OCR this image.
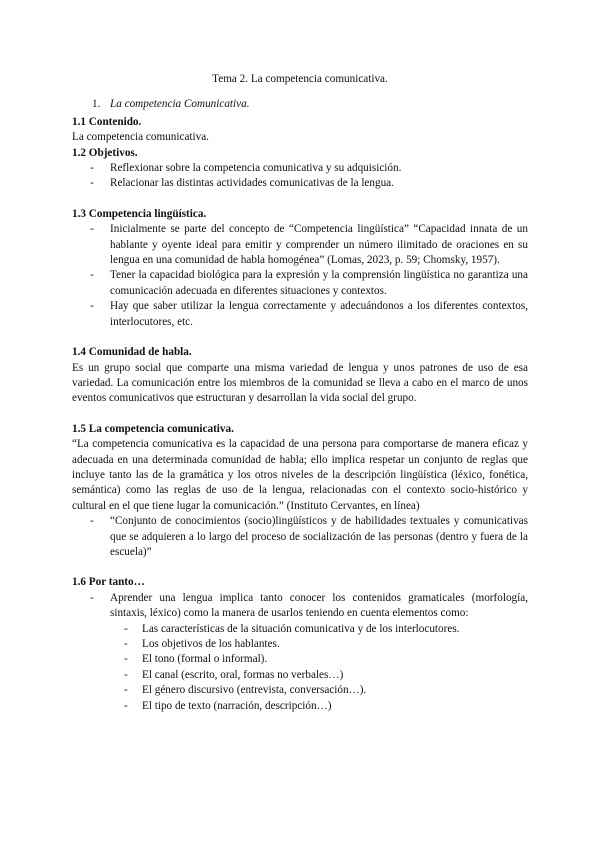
Tema 2. La competencia comunicativa.

1. La competencia Comunicativa.

1.1 Contenido.

La competencia comunicativa.

1.2 Objetivos.

- Reflexionar sobre la competencia comunicativa y su adquisición.
- Relacionar las distintas actividades comunicativas de la lengua.

1.3 Competencia lingüística.

- Inicialmente se parte del concepto de “Competencia lingüística” “Capacidad innata de un hablante y oyente ideal para emitir y comprender un número ilimitado de oraciones en su lengua en una comunidad de habla homogénea” (Lomas, 2023, p. 59; Chomsky, 1957).
- Tener la capacidad biológica para la expresión y la comprensión lingüística no garantiza una comunicación adecuada en diferentes situaciones y contextos.
- Hay que saber utilizar la lengua correctamente y adecuándonos a los diferentes contextos, interlocutores, etc.

1.4 Comunidad de habla.

Es un grupo social que comparte una misma variedad de lengua y unos patrones de uso de esa variedad. La comunicación entre los miembros de la comunidad se lleva a cabo en el marco de unos eventos comunicativos que estructuran y desarrollan la vida social del grupo.

1.5 La competencia comunicativa.

“La competencia comunicativa es la capacidad de una persona para comportarse de manera eficaz y adecuada en una determinada comunidad de habla; ello implica respetar un conjunto de reglas que incluye tanto las de la gramática y los otros niveles de la descripción lingüística (léxico, fonética, semántica) como las reglas de uso de la lengua, relacionadas con el contexto socio-histórico y cultural en el que tiene lugar la comunicación.” (Instituto Cervantes, en línea)

- “Conjunto de conocimientos (socio)lingüísticos y de habilidades textuales y comunicativas que se adquieren a lo largo del proceso de socialización de las personas (dentro y fuera de la escuela)”

1.6 Por tanto…

- Aprender una lengua implica tanto conocer los contenidos gramaticales (morfología, sintaxis, léxico) como la manera de usarlos teniendo en cuenta elementos como:
- Las características de la situación comunicativa y de los interlocutores.
- Los objetivos de los hablantes.
- El tono (formal o informal).
- El canal (escrito, oral, formas no verbales…)
- El género discursivo (entrevista, conversación…).
- El tipo de texto (narración, descripción…)
